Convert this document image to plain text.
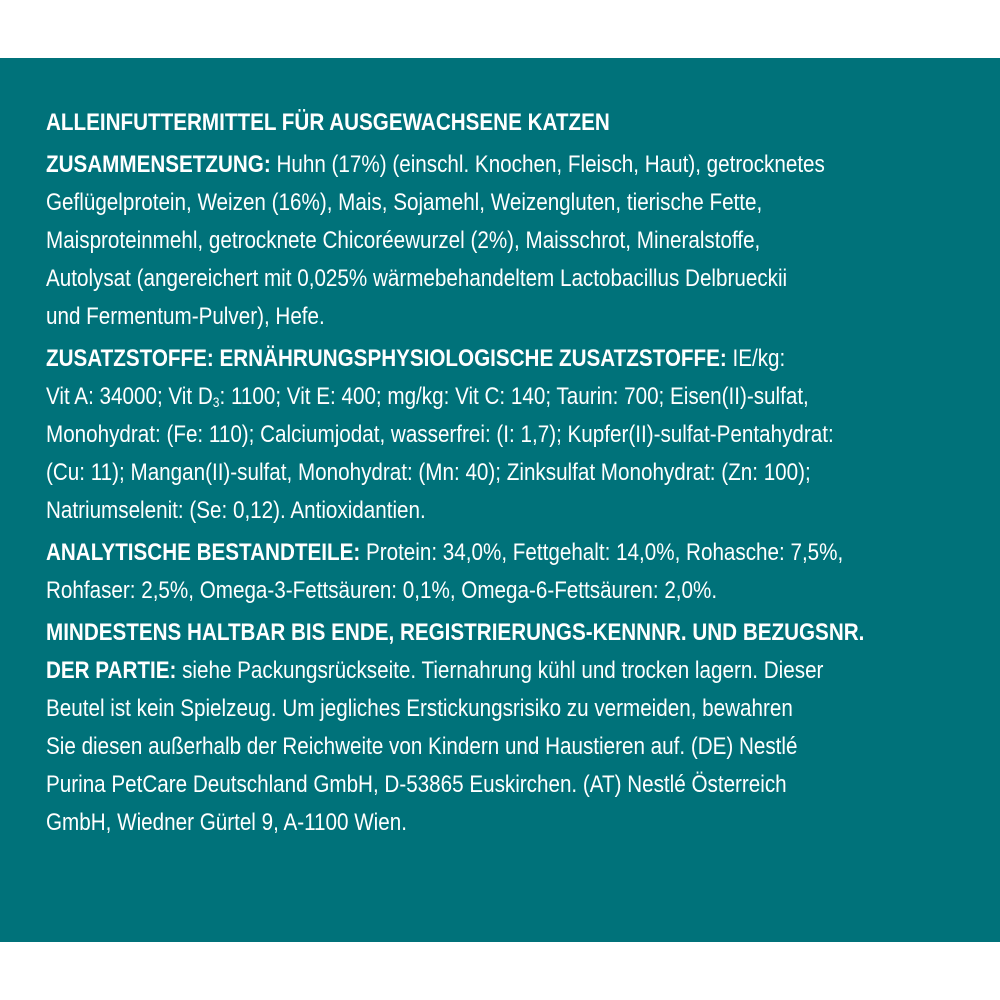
ALLEINFUTTERMITTEL FÜR AUSGEWACHSENE KATZEN
ZUSAMMENSETZUNG: Huhn (17%) (einschl. Knochen, Fleisch, Haut), getrocknetes
Geflügelprotein, Weizen (16%), Mais, Sojamehl, Weizengluten, tierische Fette,
Maisproteinmehl, getrocknete Chicoréewurzel (2%), Maisschrot, Mineralstoffe,
Autolysat (angereichert mit 0,025% wärmebehandeltem Lactobacillus Delbrueckii
und Fermentum-Pulver), Hefe.
ZUSATZSTOFFE: ERNÄHRUNGSPHYSIOLOGISCHE ZUSATZSTOFFE: IE/kg:
Vit A: 34000; Vit $D_3$: 1100; Vit E: 400; mg/kg: Vit C: 140; Taurin: 700; Eisen(II)-sulfat,
Monohydrat: (Fe: 110); Calciumjodat, wasserfrei: (I: 1,7); Kupfer(II)-sulfat-Pentahydrat:
(Cu: 11); Mangan(II)-sulfat, Monohydrat: (Mn: 40); Zinksulfat Monohydrat: (Zn: 100);
Natriumselenit: (Se: 0,12). Antioxidantien.
ANALYTISCHE BESTANDTEILE: Protein: 34,0%, Fettgehalt: 14,0%, Rohasche: 7,5%,
Rohfaser: 2,5%, Omega-3-Fettsäuren: 0,1%, Omega-6-Fettsäuren: 2,0%.
MINDESTENS HALTBAR BIS ENDE, REGISTRIERUNGS-KENNNR. UND BEZUGSNR.
DER PARTIE: siehe Packungsrückseite. Tiernahrung kühl und trocken lagern. Dieser
Beutel ist kein Spielzeug. Um jegliches Erstickungsrisiko zu vermeiden, bewahren
Sie diesen außerhalb der Reichweite von Kindern und Haustieren auf. (DE) Nestlé
Purina PetCare Deutschland GmbH, D-53865 Euskirchen. (AT) Nestlé Österreich
GmbH, Wiedner Gürtel 9, A-1100 Wien.
